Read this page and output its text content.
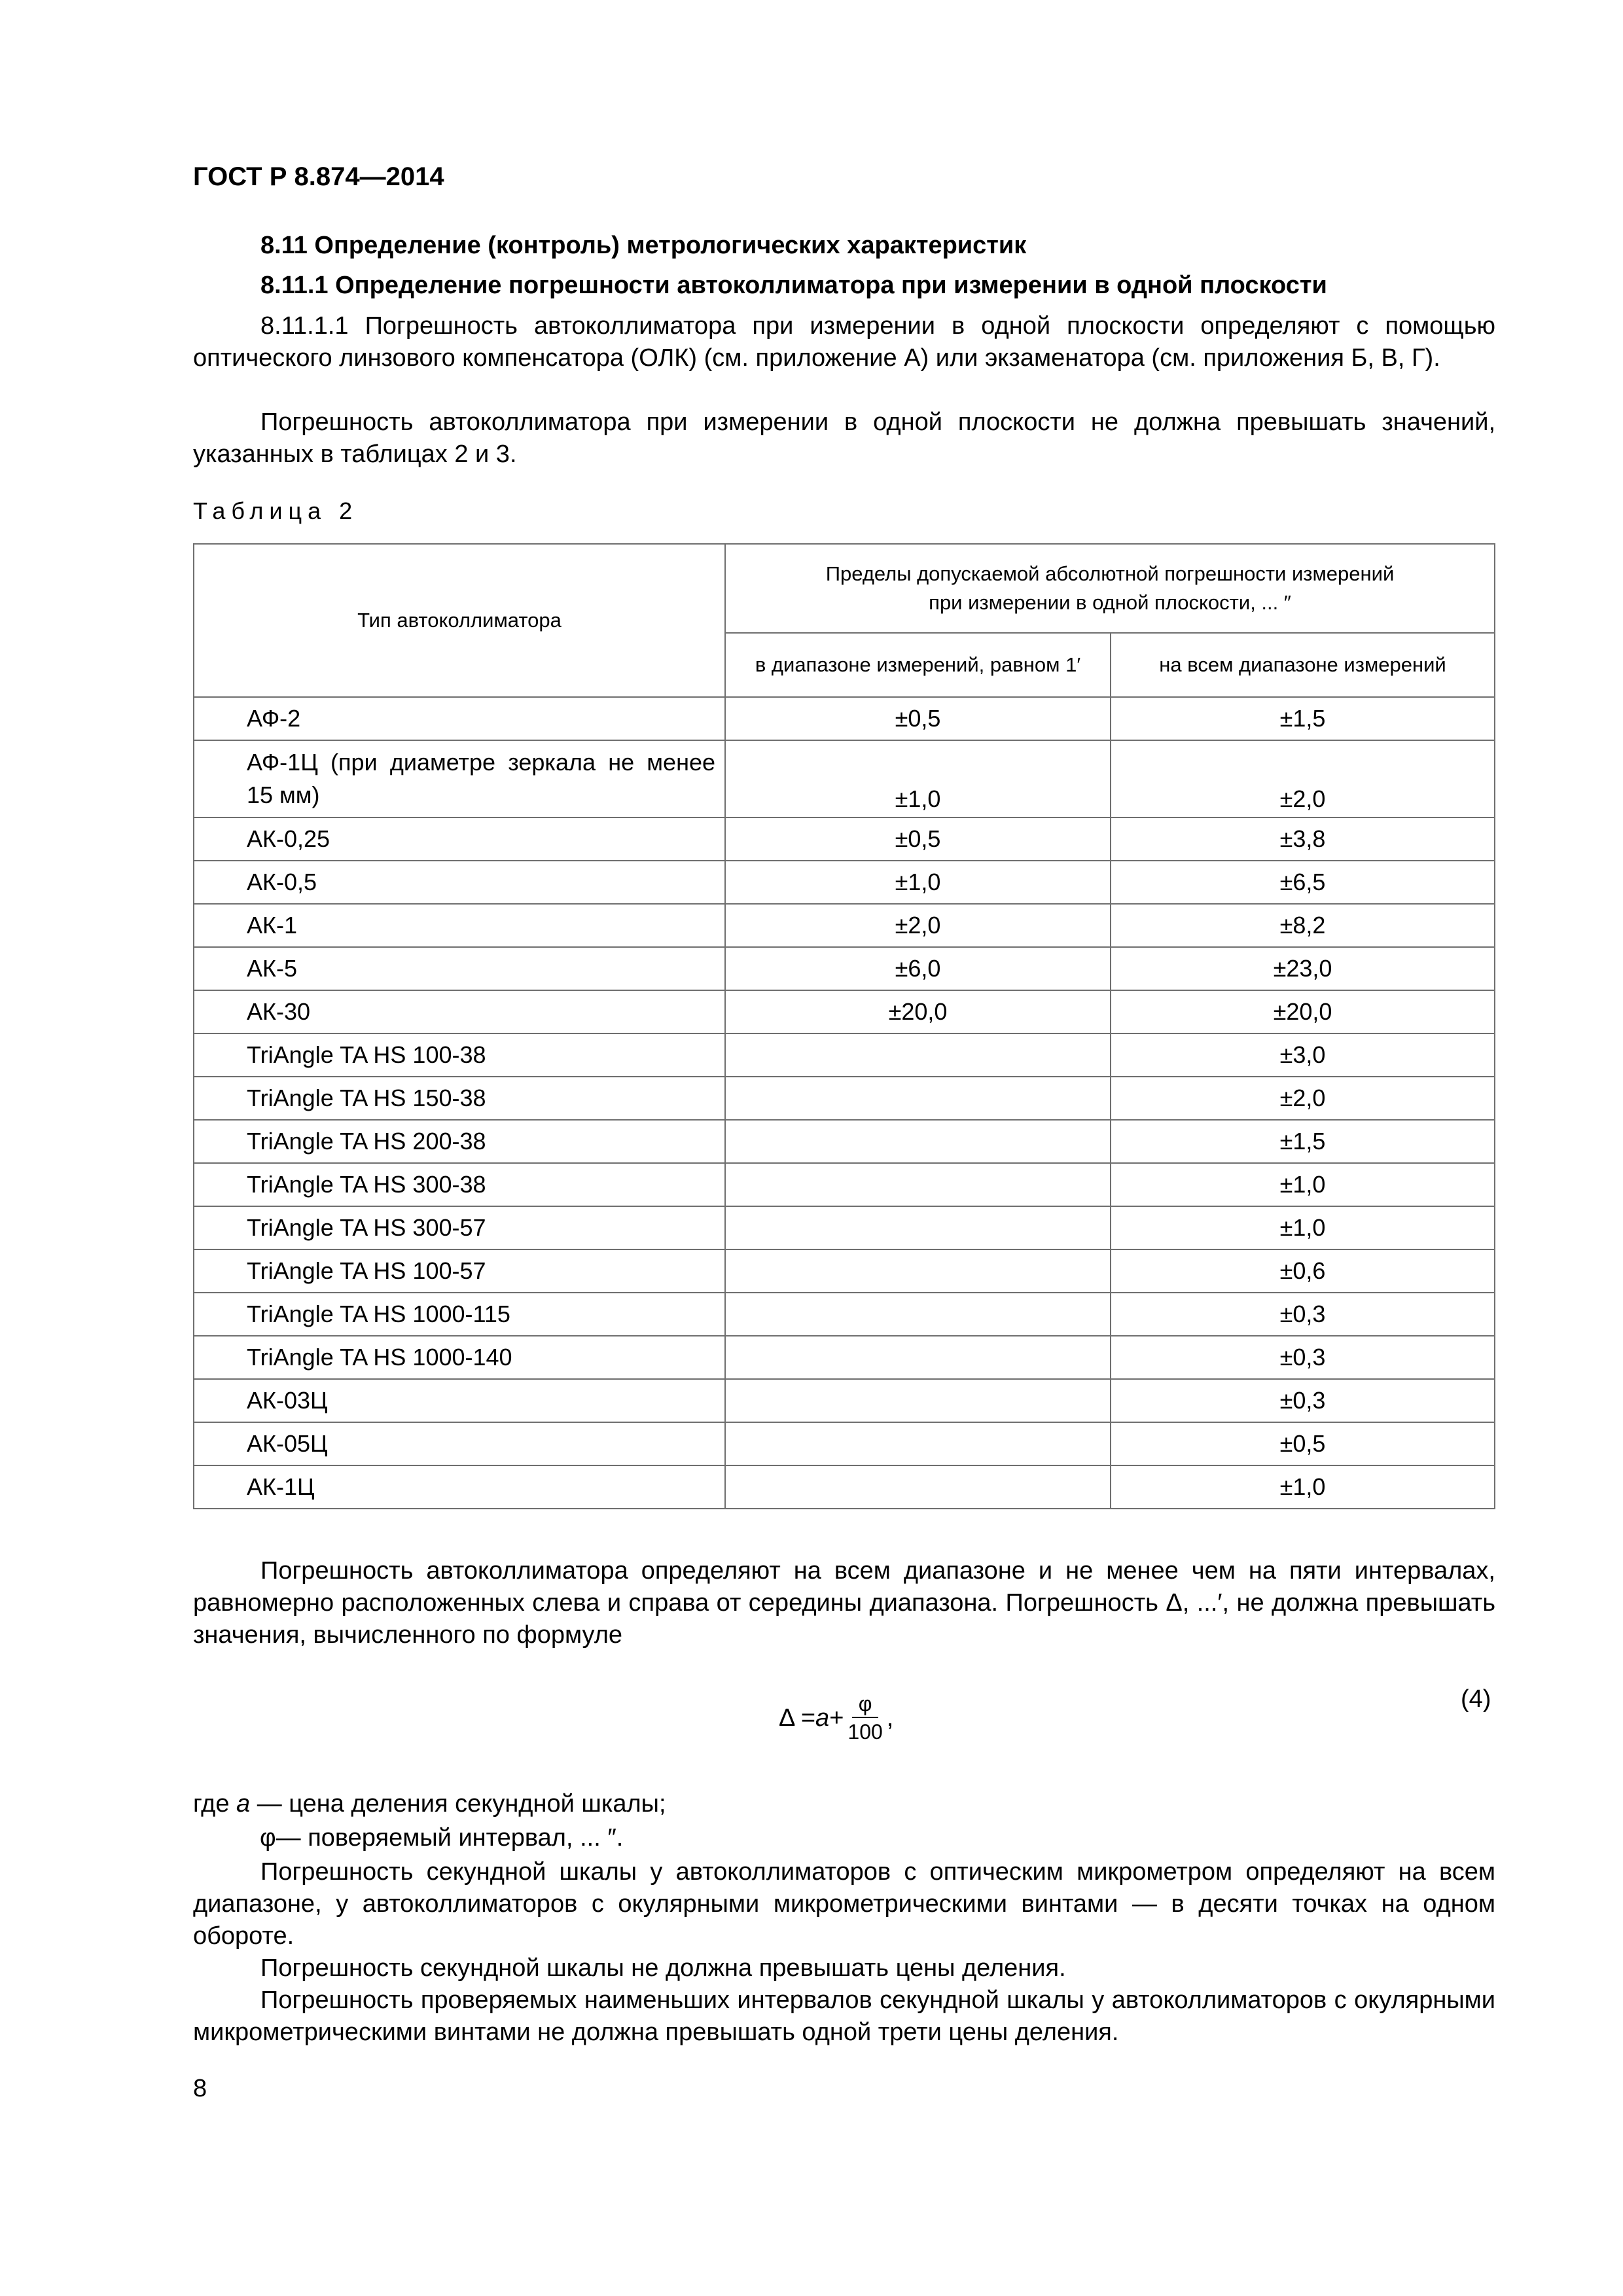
ГОСТ Р 8.874—2014
8.11 Определение (контроль) метрологических характеристик
8.11.1 Определение погрешности автоколлиматора при измерении в одной плоскости
8.11.1.1 Погрешность автоколлиматора при измерении в одной плоскости определяют с помощью оптического линзового компенсатора (ОЛК) (см. приложение А) или экзаменатора (см. приложения Б, В, Г).
Погрешность автоколлиматора при измерении в одной плоскости не должна превышать значений, указанных в таблицах 2 и 3.
Таблица 2
Тип автоколлиматора	Пределы допускаемой абсолютной погрешности измерений
при измерении в одной плоскости, ... ″	

	в диапазоне измерений, равном 1′	на всем диапазоне измерений
АФ-2	±0,5	±1,5

АФ-1Ц (при диаметре зеркала не менее 15 мм)	±1,0	±2,0
АК-0,25	±0,5	±3,8
АК-0,5	±1,0	±6,5
АК-1	±2,0	±8,2
АК-5	±6,0	±23,0
АК-30	±20,0	±20,0
TriAngle TA HS 100-38		±3,0
TriAngle TA HS 150-38		±2,0
TriAngle TA HS 200-38		±1,5
TriAngle TA HS 300-38		±1,0
TriAngle TA HS 300-57		±1,0
TriAngle TA HS 100-57		±0,6
TriAngle TA HS 1000-115		±0,3
TriAngle TA HS 1000-140		±0,3
АК-03Ц		±0,3
АК-05Ц		±0,5
АК-1Ц		±1,0
Погрешность автоколлиматора определяют на всем диапазоне и не менее чем на пяти интервалах, равномерно расположенных слева и справа от середины диапазона. Погрешность Δ, ...′, не должна превышать значения, вычисленного по формуле
$\Delta = a + \frac{\varphi}{100}$ ,
(4)
где a — цена деления секундной шкалы;
φ— поверяемый интервал, ... ″.
Погрешность секундной шкалы у автоколлиматоров с оптическим микрометром определяют на всем диапазоне, у автоколлиматоров с окулярными микрометрическими винтами — в десяти точках на одном обороте.
Погрешность секундной шкалы не должна превышать цены деления.
Погрешность проверяемых наименьших интервалов секундной шкалы у автоколлиматоров с окулярными микрометрическими винтами не должна превышать одной трети цены деления.
8
